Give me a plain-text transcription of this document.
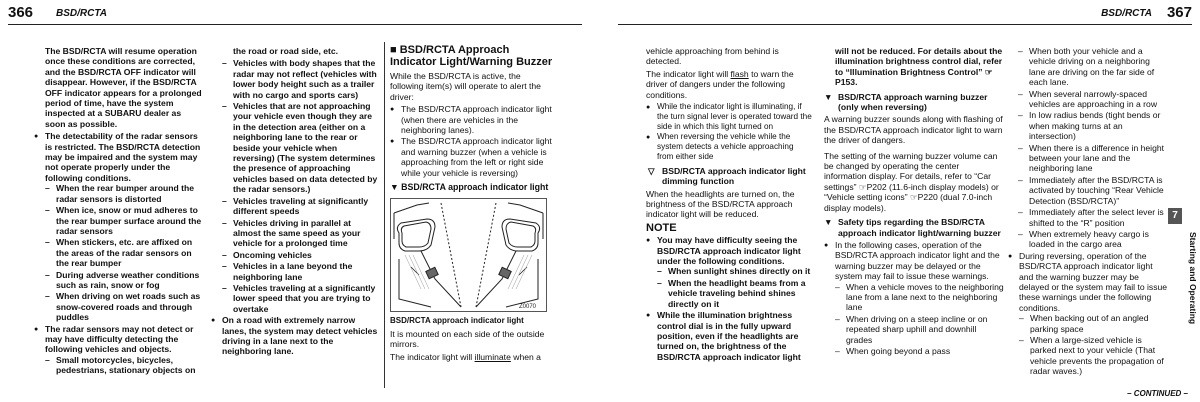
366 BSD/RCTA

The BSD/RCTA will resume operation once these conditions are corrected, and the BSD/RCTA OFF indicator will disappear. However, if the BSD/RCTA OFF indicator appears for a prolonged period of time, have the system inspected at a SUBARU dealer as soon as possible.

● The detectability of the radar sensors is restricted. The BSD/RCTA detection may be impaired and the system may not operate properly under the following conditions.
– When the rear bumper around the radar sensors is distorted
– When ice, snow or mud adheres to the rear bumper surface around the radar sensors
– When stickers, etc. are affixed on the areas of the radar sensors on the rear bumper
– During adverse weather conditions such as rain, snow or fog
– When driving on wet roads such as snow-covered roads and through puddles
● The radar sensors may not detect or may have difficulty detecting the following vehicles and objects.
– Small motorcycles, bicycles, pedestrians, stationary objects on

the road or road side, etc.

– Vehicles with body shapes that the radar may not reflect (vehicles with lower body height such as a trailer with no cargo and sports cars)
– Vehicles that are not approaching your vehicle even though they are in the detection area (either on a neighboring lane to the rear or beside your vehicle when reversing) (The system determines the presence of approaching vehicles based on data detected by the radar sensors.)
– Vehicles traveling at significantly different speeds
– Vehicles driving in parallel at almost the same speed as your vehicle for a prolonged time
– Oncoming vehicles
– Vehicles in a lane beyond the neighboring lane
– Vehicles traveling at a significantly lower speed that you are trying to overtake
● On a road with extremely narrow lanes, the system may detect vehicles driving in a lane next to the neighboring lane.
■ BSD/RCTA Approach Indicator Light/Warning Buzzer

While the BSD/RCTA is active, the following item(s) will operate to alert the driver:

● The BSD/RCTA approach indicator light (when there are vehicles in the neighboring lanes).
● The BSD/RCTA approach indicator light and warning buzzer (when a vehicle is approaching from the left or right side while your vehicle is reversing)
▼ BSD/RCTA approach indicator light
Z0070

BSD/RCTA approach indicator light

It is mounted on each side of the outside mirrors.

The indicator light will illuminate when a

BSD/RCTA 367

vehicle approaching from behind is detected.

The indicator light will flash to warn the driver of dangers under the following conditions.

● While the indicator light is illuminating, if the turn signal lever is operated toward the side in which this light turned on
● When reversing the vehicle while the system detects a vehicle approaching from either side
▽ BSD/RCTA approach indicator light dimming function

When the headlights are turned on, the brightness of the BSD/RCTA approach indicator light will be reduced.

NOTE
● You may have difficulty seeing the BSD/RCTA approach indicator light under the following conditions.
– When sunlight shines directly on it
– When the headlight beams from a vehicle traveling behind shines directly on it
● While the illumination brightness control dial is in the fully upward position, even if the headlights are turned on, the brightness of the BSD/RCTA approach indicator light

will not be reduced. For details about the illumination brightness control dial, refer to “Illumination Brightness Control” ☞P153.

▼ BSD/RCTA approach warning buzzer (only when reversing)

A warning buzzer sounds along with flashing of the BSD/RCTA approach indicator light to warn the driver of dangers.

The setting of the warning buzzer volume can be changed by operating the center information display. For details, refer to “Car settings” ☞P202 (11.6-inch display models) or “Vehicle setting icons” ☞P220 (dual 7.0-inch display models).

▼ Safety tips regarding the BSD/RCTA approach indicator light/warning buzzer
● In the following cases, operation of the BSD/RCTA approach indicator light and the warning buzzer may be delayed or the system may fail to issue these warnings.
– When a vehicle moves to the neighboring lane from a lane next to the neighboring lane
– When driving on a steep incline or on repeated sharp uphill and downhill grades
– When going beyond a pass
– When both your vehicle and a vehicle driving on a neighboring lane are driving on the far side of each lane.
– When several narrowly-spaced vehicles are approaching in a row
– In low radius bends (tight bends or when making turns at an intersection)
– When there is a difference in height between your lane and the neighboring lane
– Immediately after the BSD/RCTA is activated by touching “Rear Vehicle Detection (BSD/RCTA)”
– Immediately after the select lever is shifted to the “R” position
– When extremely heavy cargo is loaded in the cargo area
● During reversing, operation of the BSD/RCTA approach indicator light and the warning buzzer may be delayed or the system may fail to issue these warnings under the following conditions.
– When backing out of an angled parking space
– When a large-sized vehicle is parked next to your vehicle (That vehicle prevents the propagation of radar waves.)
7
Starting and Operating
– CONTINUED –
